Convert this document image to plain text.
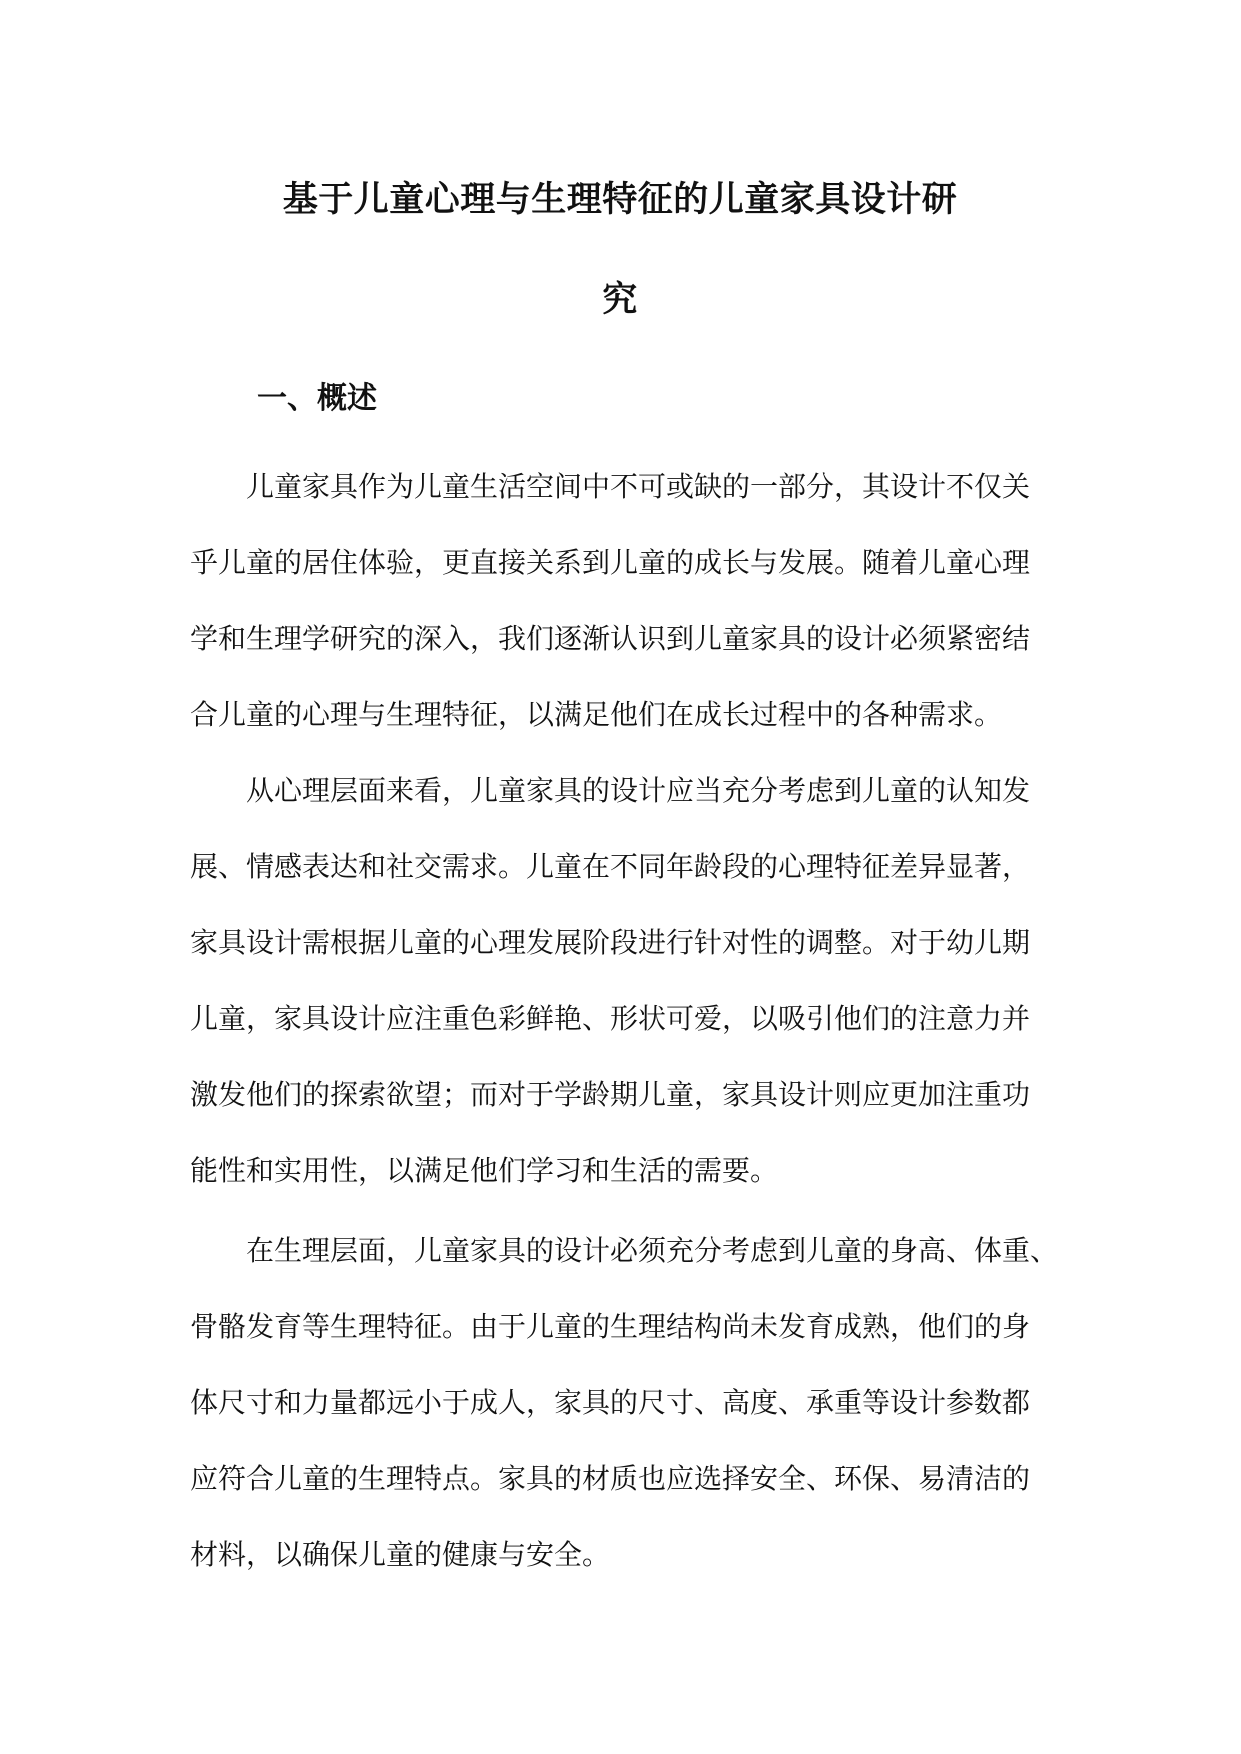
基于儿童心理与生理特征的儿童家具设计研
究
一、概述
儿童家具作为儿童生活空间中不可或缺的一部分，其设计不仅关
乎儿童的居住体验，更直接关系到儿童的成长与发展。随着儿童心理
学和生理学研究的深入，我们逐渐认识到儿童家具的设计必须紧密结
合儿童的心理与生理特征，以满足他们在成长过程中的各种需求。
从心理层面来看，儿童家具的设计应当充分考虑到儿童的认知发
展、情感表达和社交需求。儿童在不同年龄段的心理特征差异显著，
家具设计需根据儿童的心理发展阶段进行针对性的调整。对于幼儿期
儿童，家具设计应注重色彩鲜艳、形状可爱，以吸引他们的注意力并
激发他们的探索欲望；而对于学龄期儿童，家具设计则应更加注重功
能性和实用性，以满足他们学习和生活的需要。
在生理层面，儿童家具的设计必须充分考虑到儿童的身高、体重、
骨骼发育等生理特征。由于儿童的生理结构尚未发育成熟，他们的身
体尺寸和力量都远小于成人，家具的尺寸、高度、承重等设计参数都
应符合儿童的生理特点。家具的材质也应选择安全、环保、易清洁的
材料，以确保儿童的健康与安全。
